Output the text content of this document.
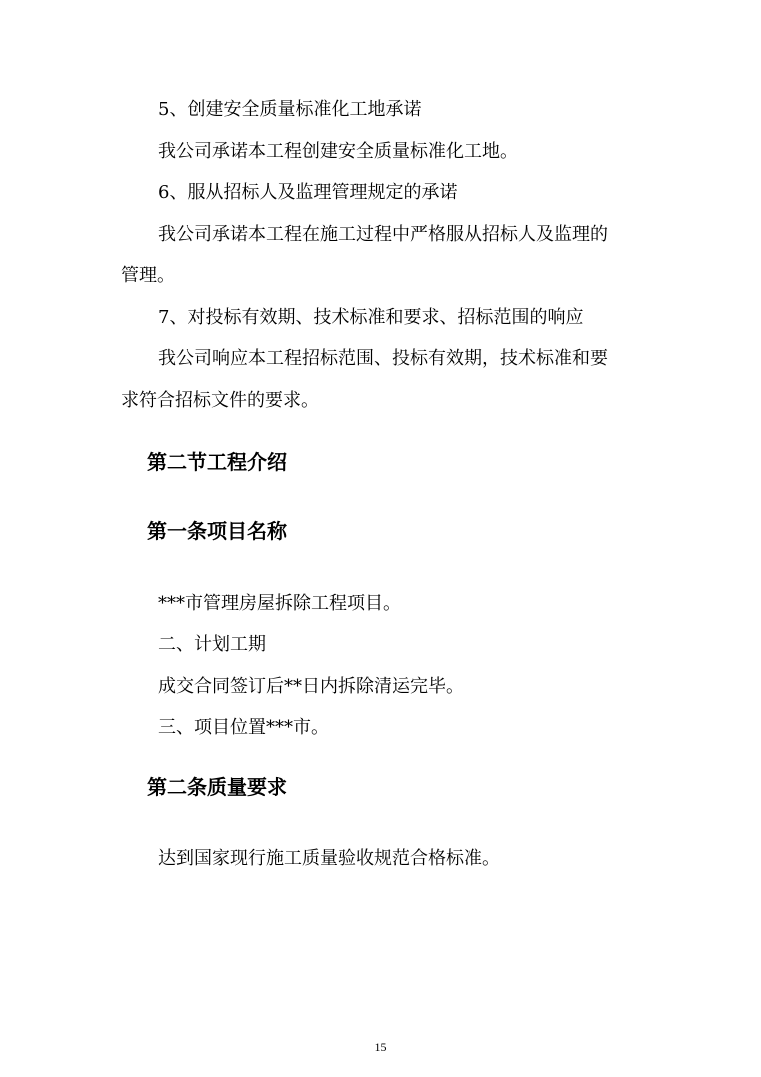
5、创建安全质量标准化工地承诺

我公司承诺本工程创建安全质量标准化工地。

6、服从招标人及监理管理规定的承诺

我公司承诺本工程在施工过程中严格服从招标人及监理的

管理。

7、对投标有效期、技术标准和要求、招标范围的响应

我公司响应本工程招标范围、投标有效期，技术标准和要

求符合招标文件的要求。

第二节工程介绍
第一条项目名称

***市管理房屋拆除工程项目。

二、计划工期

成交合同签订后**日内拆除清运完毕。

三、项目位置***市。

第二条质量要求

达到国家现行施工质量验收规范合格标准。

15
